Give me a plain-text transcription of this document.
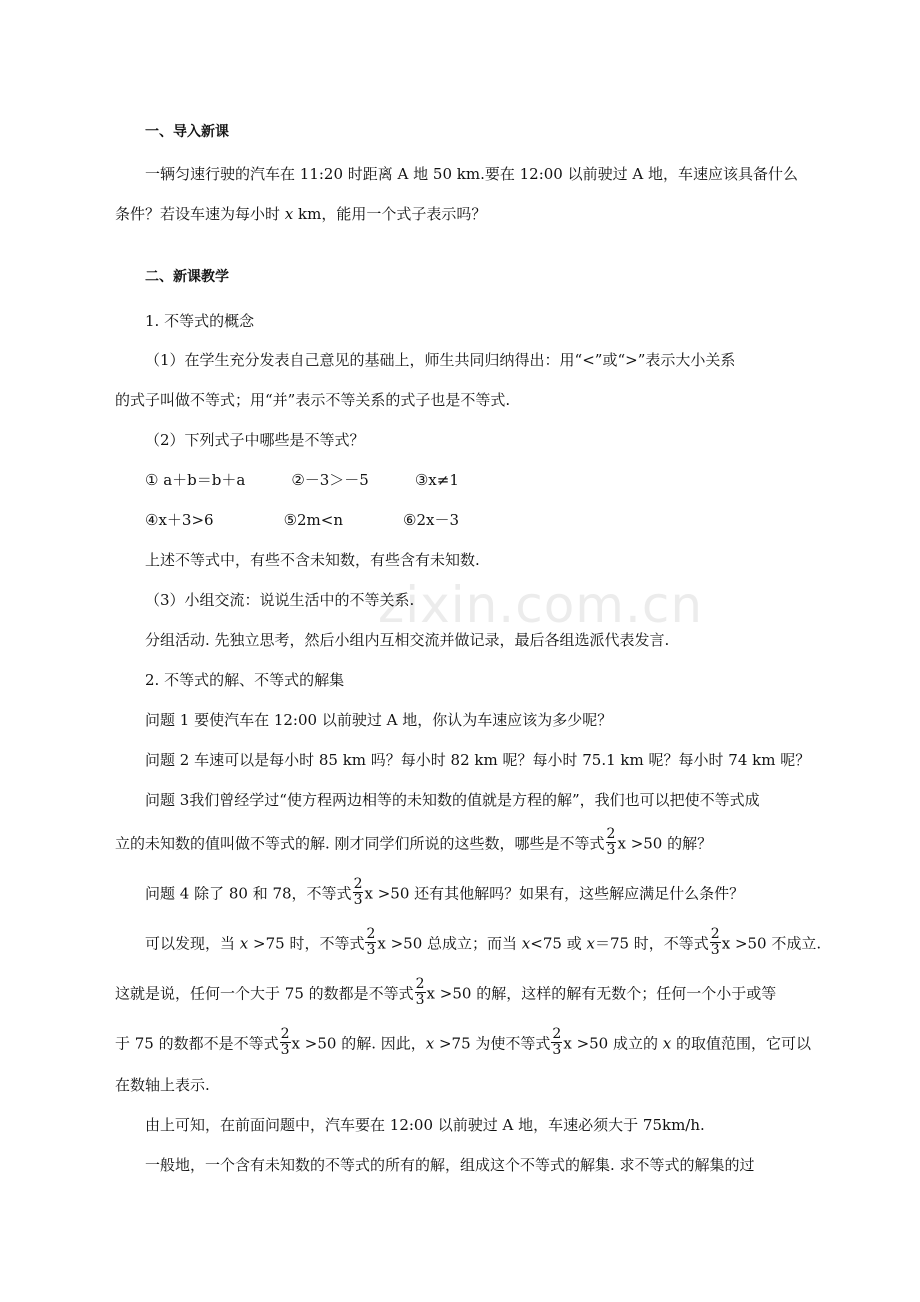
zixin.com.cn
一、导入新课
一辆匀速行驶的汽车在 11:20 时距离 A 地 50 km.要在 12:00 以前驶过 A 地，车速应该具备什么
条件？若设车速为每小时 x km，能用一个式子表示吗？
二、新课教学
1. 不等式的概念
（1）在学生充分发表自己意见的基础上，师生共同归纳得出：用“<”或“>”表示大小关系
的式子叫做不等式；用“并”表示不等关系的式子也是不等式.
（2）下列式子中哪些是不等式？
① a＋b＝b＋a	②－3＞－5	③x≠1
④x＋3>6	⑤2m<n	⑥2x－3
上述不等式中，有些不含未知数，有些含有未知数.
（3）小组交流：说说生活中的不等关系.
分组活动. 先独立思考，然后小组内互相交流并做记录，最后各组选派代表发言.
2. 不等式的解、不等式的解集
问题 1 要使汽车在 12:00 以前驶过 A 地，你认为车速应该为多少呢？
问题 2 车速可以是每小时 85 km 吗？每小时 82 km 呢？每小时 75.1 km 呢？每小时 74 km 呢？
问题 3我们曾经学过“使方程两边相等的未知数的值就是方程的解”，我们也可以把使不等式成
立的未知数的值叫做不等式的解. 刚才同学们所说的这些数，哪些是不等式 $\frac{2}{3}$ x >50 的解？
问题 4 除了 80 和 78，不等式 $\frac{2}{3}$ x >50 还有其他解吗？如果有，这些解应满足什么条件？
可以发现，当 x >75 时，不等式 $\frac{2}{3}$ x >50 总成立；而当 x<75 或 x＝75 时，不等式 $\frac{2}{3}$ x >50 不成立.
这就是说，任何一个大于 75 的数都是不等式 $\frac{2}{3}$ x >50 的解，这样的解有无数个；任何一个小于或等
于 75 的数都不是不等式 $\frac{2}{3}$ x >50 的解. 因此，x >75 为使不等式 $\frac{2}{3}$ x >50 成立的 x 的取值范围，它可以
在数轴上表示.
由上可知，在前面问题中，汽车要在 12:00 以前驶过 A 地，车速必须大于 75km/h.
一般地，一个含有未知数的不等式的所有的解，组成这个不等式的解集. 求不等式的解集的过
